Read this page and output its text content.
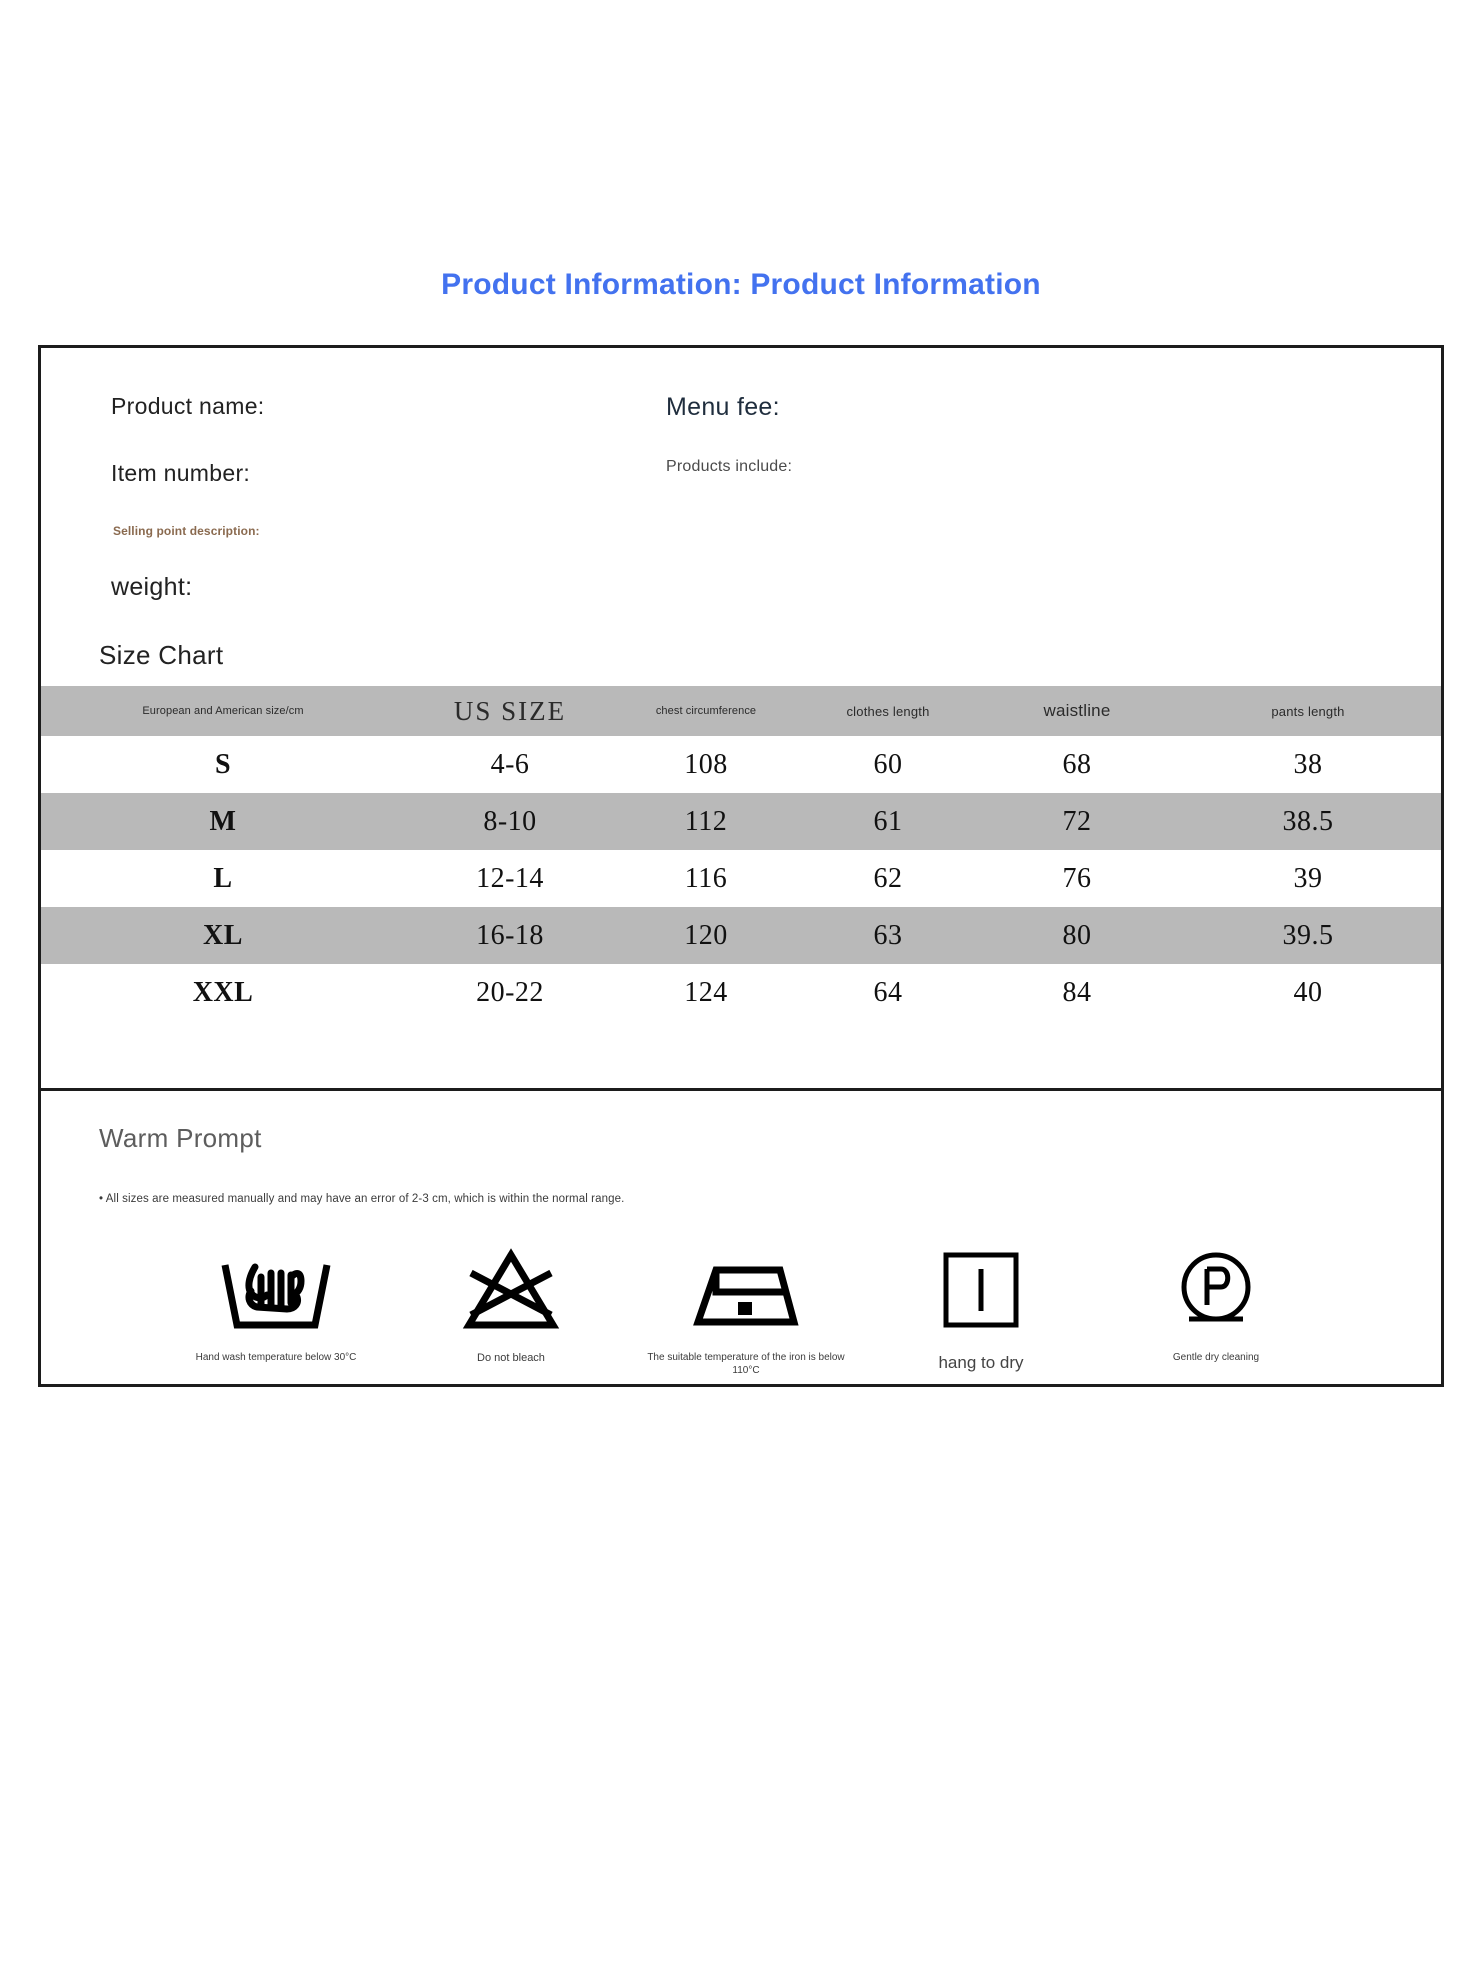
Product Information: Product Information
Product name:
Item number:
Selling point description:
weight:
Menu fee:
Products include:
Size Chart
European and American size/cm	US SIZE	chest circumference	clothes length	waistline	pants length
S	4-6	108	60	68	38
M	8-10	112	61	72	38.5
L	12-14	116	62	76	39
XL	16-18	120	63	80	39.5
XXL	20-22	124	64	84	40
Warm Prompt
• All sizes are measured manually and may have an error of 2-3 cm, which is within the normal range.
Hand wash temperature below 30°C	Do not bleach	The suitable temperature of the iron is below 110°C	hang to dry	Gentle dry cleaning
